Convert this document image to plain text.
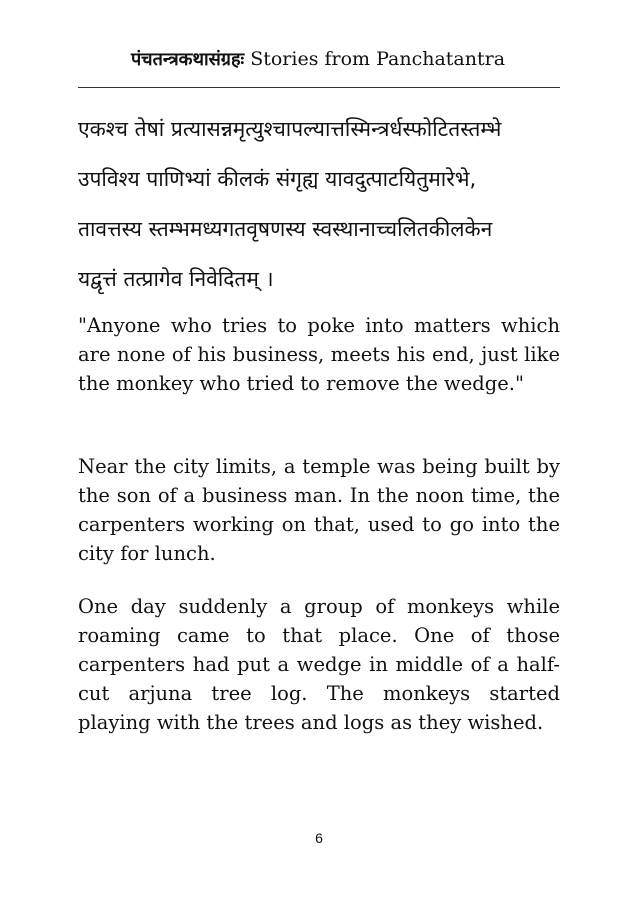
पंचतन्त्रकथासंग्रहः Stories from Panchatantra
एकश्च तेषां प्रत्यासन्नमृत्युश्चापल्यात्तस्मिन्त्रर्धस्फोटितस्तम्भे
उपविश्य पाणिभ्यां कीलकं संगृह्य यावदुत्पाटयितुमारेभे,
तावत्तस्य स्तम्भमध्यगतवृषणस्य स्वस्थानाच्चलितकीलकेन
यद्वृत्तं तत्प्रागेव निवेदितम् ।

"Anyone who tries to poke into matters which are none of his business, meets his end, just like the monkey who tried to remove the wedge."

Near the city limits, a temple was being built by the son of a business man. In the noon time, the carpenters working on that, used to go into the city for lunch.

One day suddenly a group of monkeys while roaming came to that place. One of those carpenters had put a wedge in middle of a half-cut arjuna tree log. The monkeys started playing with the trees and logs as they wished.

6
